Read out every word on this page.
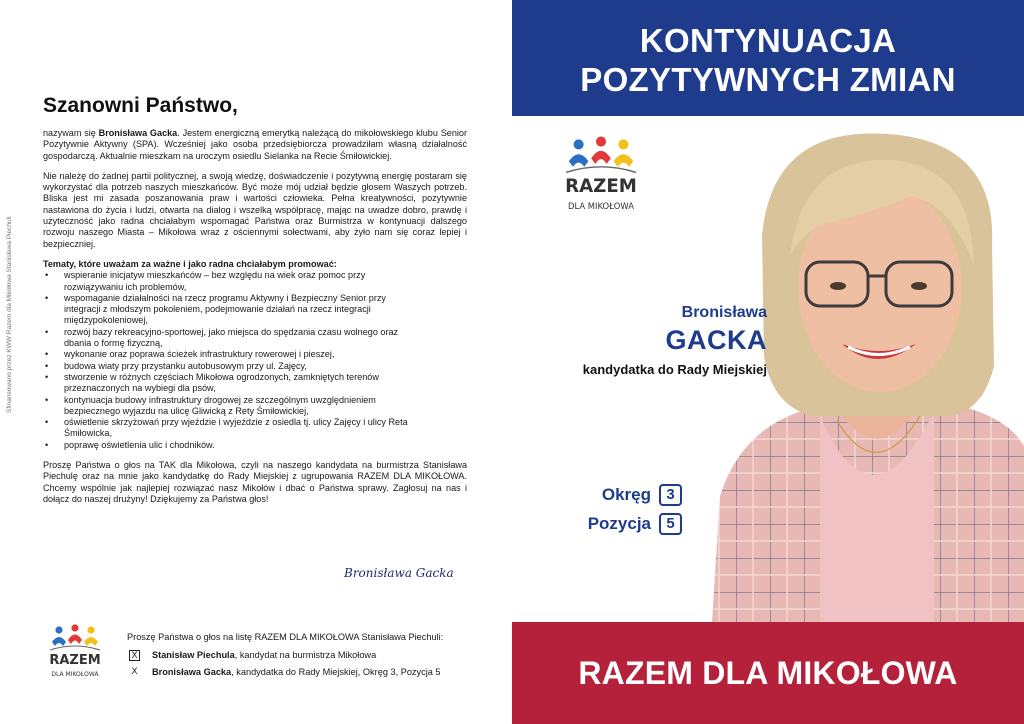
Sfinansowano przez KWW Razem dla Mikołowa Stanisława Piechuli
Szanowni Państwo,

nazywam się Bronisława Gacka. Jestem energiczną emerytką należącą do mikołowskiego klubu Senior Pozytywnie Aktywny (SPA). Wcześniej jako osoba przedsiębiorcza prowadziłam własną działalność gospodarczą. Aktualnie mieszkam na uroczym osiedlu Sielanka na Recie Śmiłowickiej.

Nie należę do żadnej partii politycznej, a swoją wiedzę, doświadczenie i pozytywną energię postaram się wykorzystać dla potrzeb naszych mieszkańców. Być może mój udział będzie głosem Waszych potrzeb. Bliska jest mi zasada poszanowania praw i wartości człowieka. Pełna kreatywności, pozytywnie nastawiona do życia i ludzi, otwarta na dialog i wszelką współpracę, mając na uwadze dobro, prawdę i użyteczność jako radna chciałabym wspomagać Państwa oraz Burmistrza w kontynuacji dalszego rozwoju naszego Miasta – Mikołowa wraz z ościennymi sołectwami, aby żyło nam się coraz lepiej i bezpieczniej.

Tematy, które uważam za ważne i jako radna chciałabym promować:
• wspieranie inicjatyw mieszkańców – bez względu na wiek oraz pomoc przy rozwiązywaniu ich problemów,
• wspomaganie działalności na rzecz programu Aktywny i Bezpieczny Senior przy integracji z młodszym pokoleniem, podejmowanie działań na rzecz integracji międzypokoleniowej,
• rozwój bazy rekreacyjno-sportowej, jako miejsca do spędzania czasu wolnego oraz dbania o formę fizyczną,
• wykonanie oraz poprawa ścieżek infrastruktury rowerowej i pieszej,
• budowa wiaty przy przystanku autobusowym przy ul. Zajęcy,
• stworzenie w różnych częściach Mikołowa ogrodzonych, zamkniętych terenów przeznaczonych na wybiegi dla psów,
• kontynuacja budowy infrastruktury drogowej ze szczególnym uwzględnieniem bezpiecznego wyjazdu na ulicę Gliwicką z Rety Śmiłowickiej,
• oświetlenie skrzyżowań przy wjeździe i wyjeździe z osiedla tj. ulicy Zajęcy i ulicy Reta Śmiłowicka,
• poprawę oświetlenia ulic i chodników.

Proszę Państwa o głos na TAK dla Mikołowa, czyli na naszego kandydata na burmistrza Stanisława Piechulę oraz na mnie jako kandydatkę do Rady Miejskiej z ugrupowania RAZEM DLA MIKOŁOWA. Chcemy wspólnie jak najlepiej rozwiązać nasz Mikołów i dbać o Państwa sprawy. Zagłosuj na nas i dołącz do naszej drużyny! Dziękujemy za Państwa głos!

Bronisława Gacka
RAZEM
DLA MIKOŁOWA
Proszę Państwa o głos na listę RAZEM DLA MIKOŁOWA Stanisława Piechuli:
X Stanisław Piechula, kandydat na burmistrza Mikołowa
X Bronisława Gacka, kandydatka do Rady Miejskiej, Okręg 3, Pozycja 5
KONTYNUACJA
POZYTYWNYCH ZMIAN
RAZEM
DLA MIKOŁOWA
Bronisława
GACKA
kandydatka do Rady Miejskiej
Okręg	3
Pozycja	5
RAZEM DLA MIKOŁOWA
